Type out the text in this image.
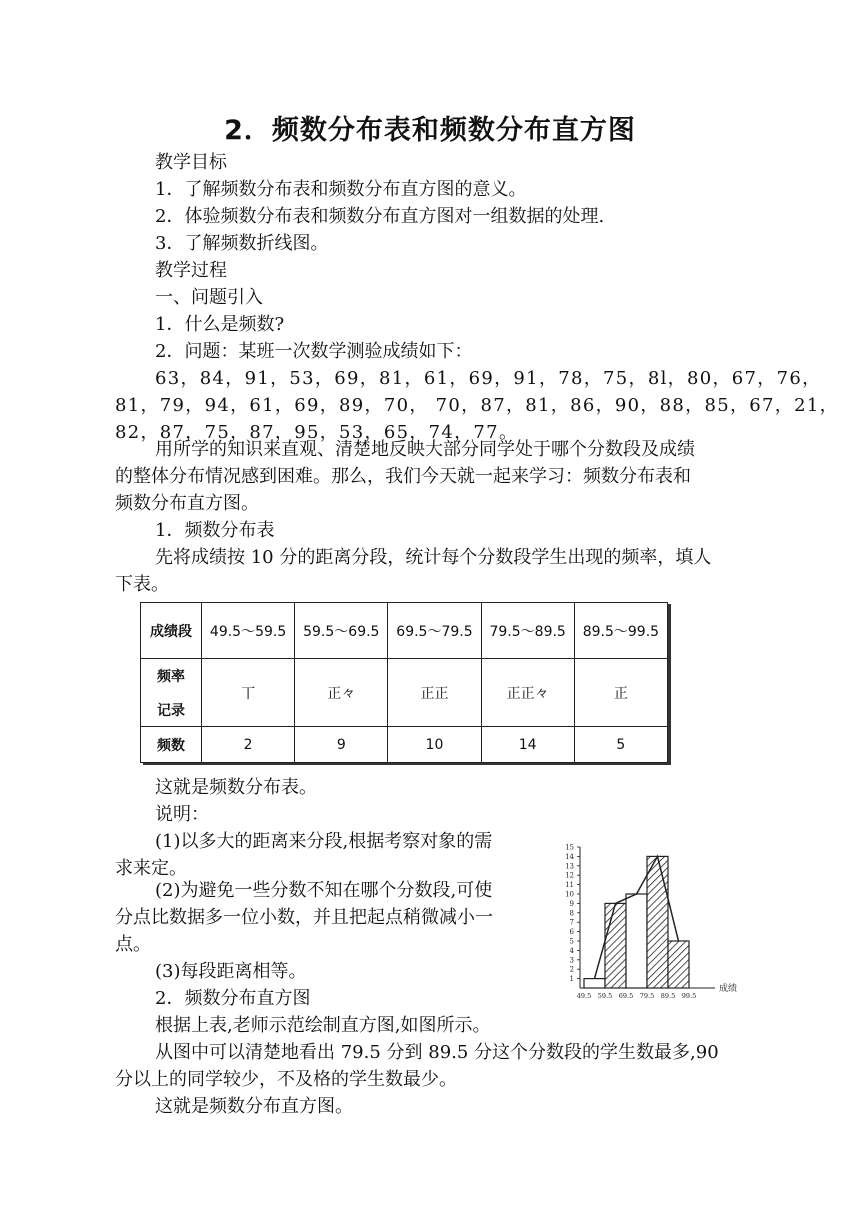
2．频数分布表和频数分布直方图
教学目标
1．了解频数分布表和频数分布直方图的意义。
2．体验频数分布表和频数分布直方图对一组数据的处理.
3．了解频数折线图。
教学过程
一、问题引入
1．什么是频数?
2．问题：某班一次数学测验成绩如下：
63，84，91，53，69，81，61，69，91，78，75，8l，80，67，76，
81，79，94，61，69，89，70， 70，87，81，86，90，88，85，67，21，
82，87，75，87，95，53，65，74，77。
用所学的知识来直观、清楚地反映大部分同学处于哪个分数段及成绩
的整体分布情况感到困难。那么，我们今天就一起来学习：频数分布表和
频数分布直方图。
1．频数分布表
先将成绩按 10 分的距离分段，统计每个分数段学生出现的频率，填人
下表。
成绩段	49.5～59.5	59.5～69.5	69.5～79.5	79.5～89.5	89.5～99.5
频率
记录	丅	正𠚤	正正	正正𠚤	正
频数	2	9	10	14	5
这就是频数分布表。
说明：
(1)以多大的距离来分段,根据考察对象的需
求来定。
(2)为避免一些分数不知在哪个分数段,可使
分点比数据多一位小数，并且把起点稍微减小一
点。
(3)每段距离相等。
2．频数分布直方图
根据上表,老师示范绘制直方图,如图所示。
从图中可以清楚地看出 79.5 分到 89.5 分这个分数段的学生数最多,90
分以上的同学较少，不及格的学生数最少。
这就是频数分布直方图。
1
2
3
4
5
6
7
8
9
10
11
12
13
14
15
49.5 59.5 69.5 79.5 89.5 99.5
成绩
